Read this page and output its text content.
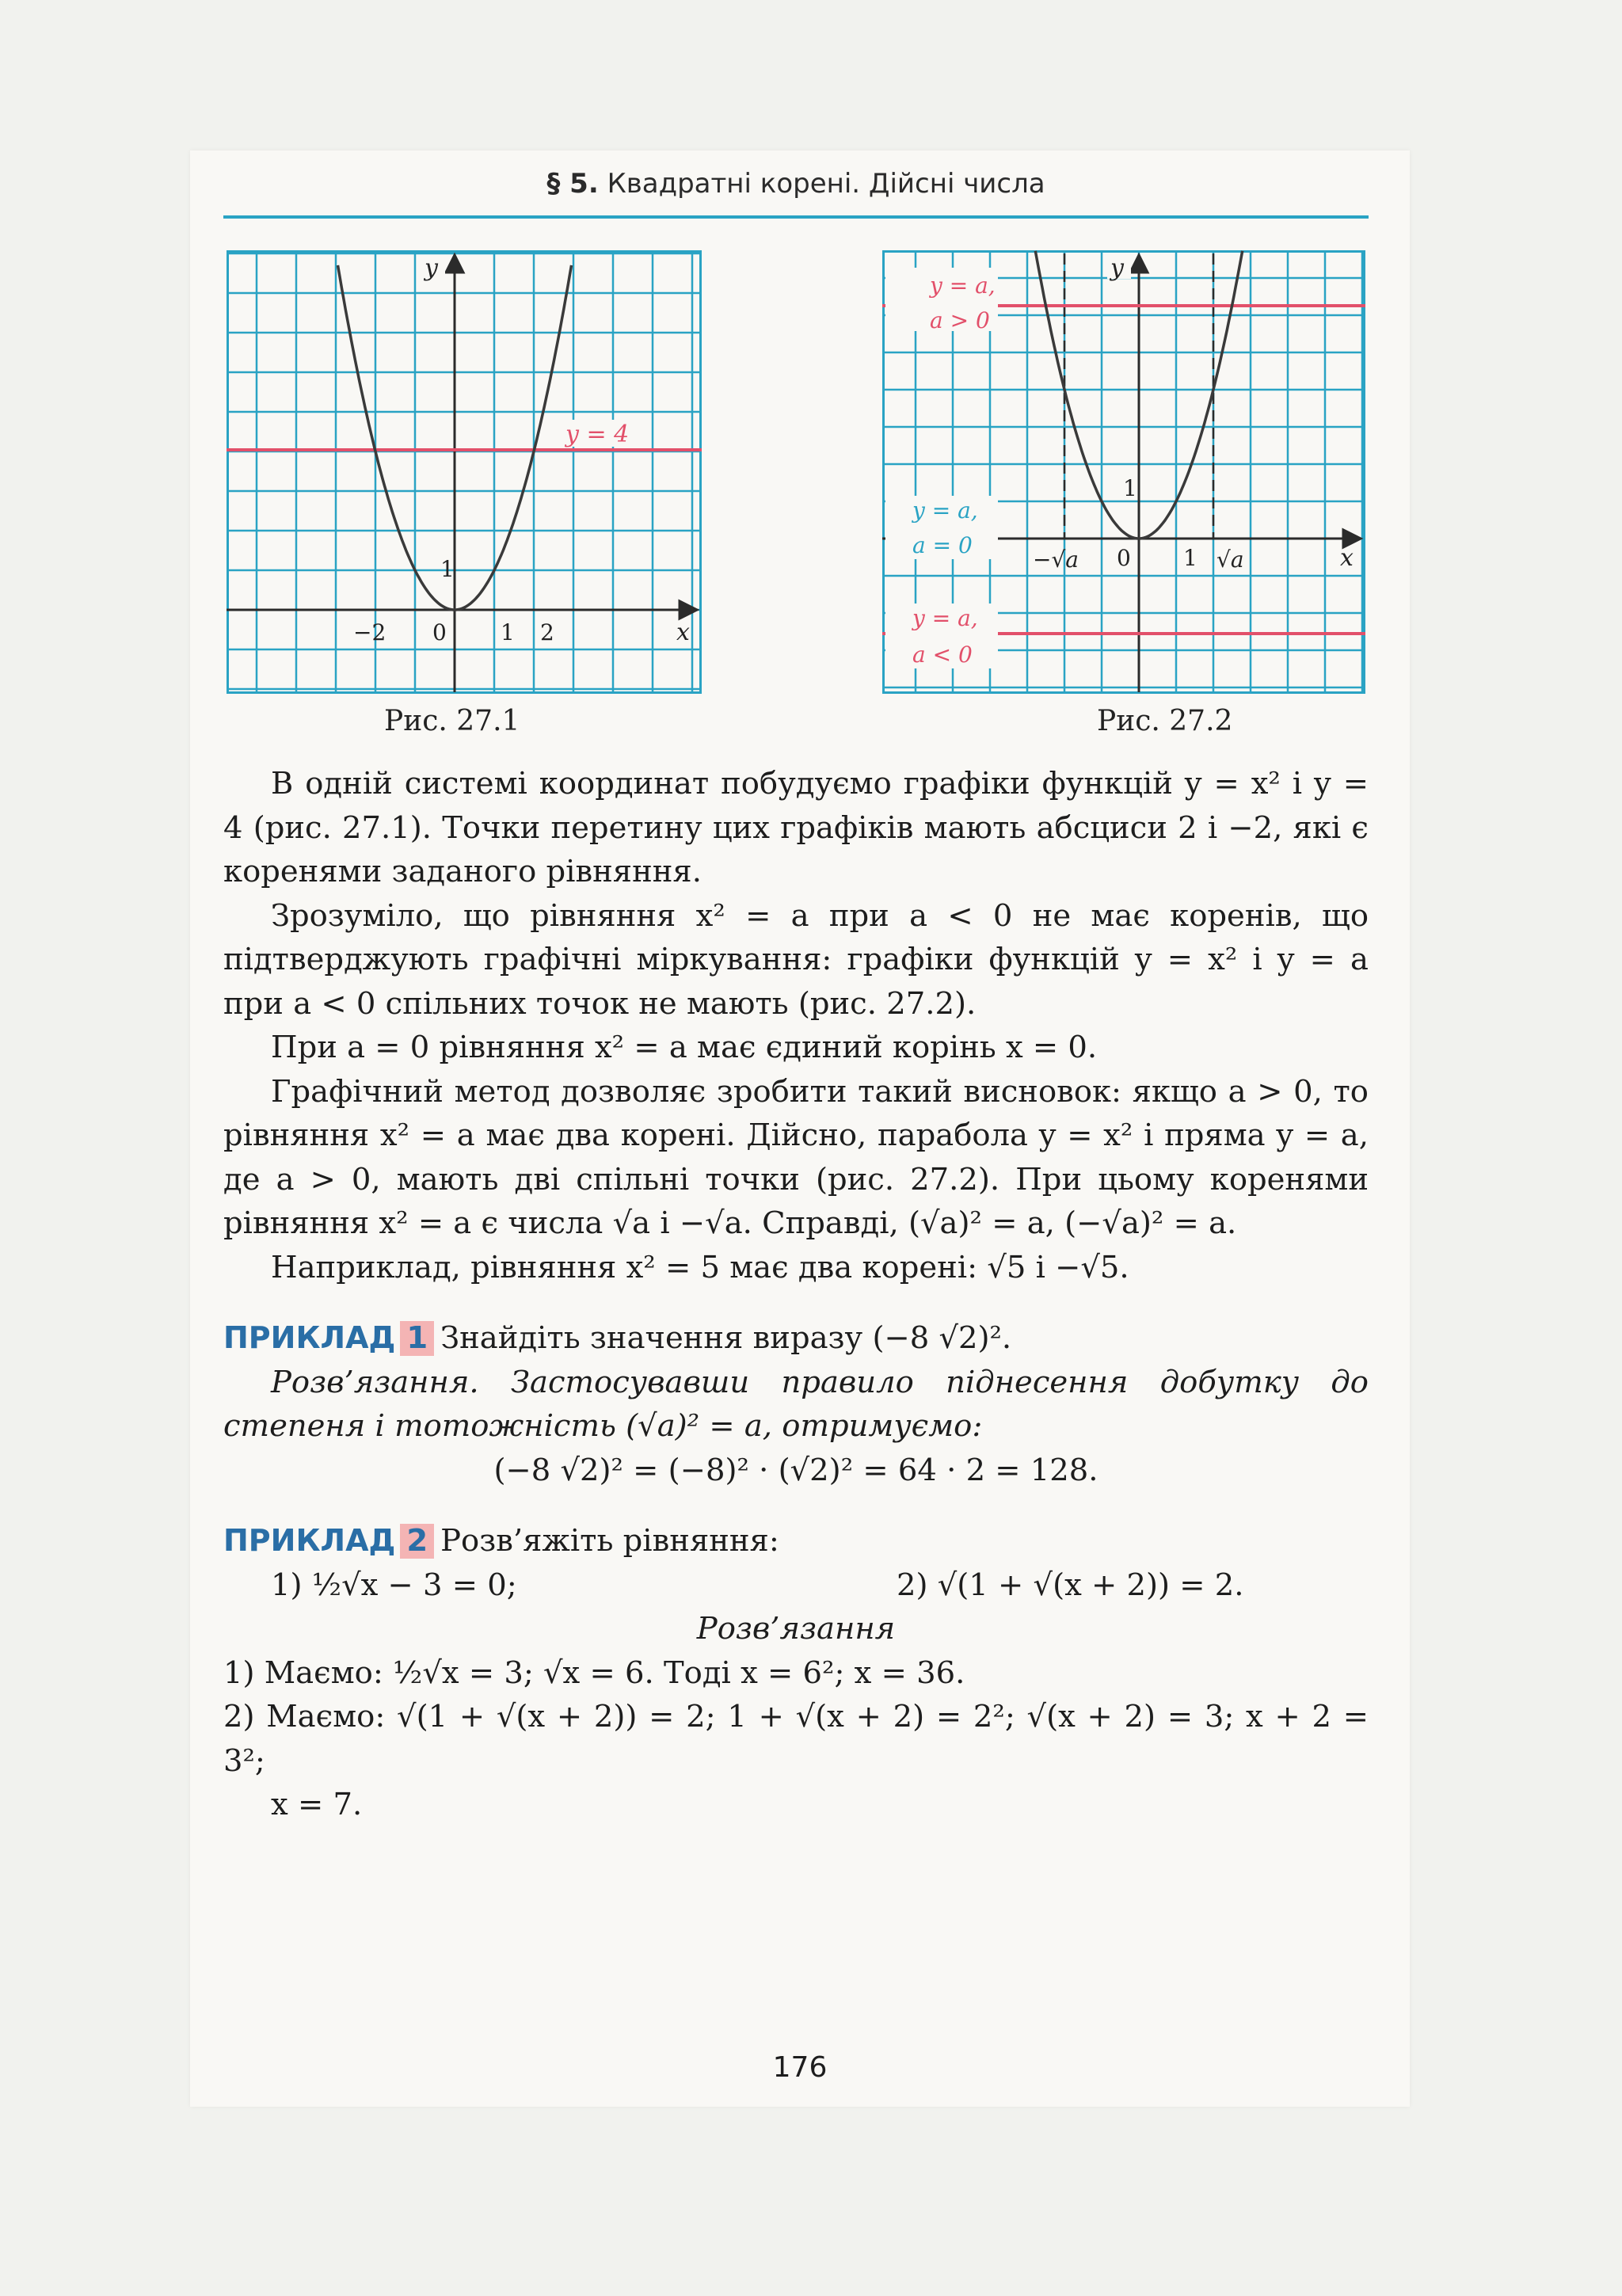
§ 5. Квадратні корені. Дійсні числа
y
y = 4
1
−2 0 1 2	x
y = a,
a > 0
y = a,
a = 0
y = a,
a < 0
y
1
−√a 0 1 √a	x
Рис. 27.1	Рис. 27.2

В одній системі координат побудуємо графіки функцій y = x² і y = 4 (рис. 27.1). Точки перетину цих графіків мають абсциси 2 і −2, які є коренями заданого рівняння.

Зрозуміло, що рівняння x² = a при a < 0 не має коренів, що підтверджують графічні міркування: графіки функцій y = x² і y = a при a < 0 спільних точок не мають (рис. 27.2).

При a = 0 рівняння x² = a має єдиний корінь x = 0.

Графічний метод дозволяє зробити такий висновок: якщо a > 0, то рівняння x² = a має два корені. Дійсно, парабола y = x² і пряма y = a, де a > 0, мають дві спільні точки (рис. 27.2). При цьому коренями рівняння x² = a є числа √a і −√a. Справді, (√a)² = a, (−√a)² = a.

Наприклад, рівняння x² = 5 має два корені: √5 і −√5.

ПРИКЛАД 1 Знайдіть значення виразу (−8 √2)².

Розв’язання. Застосувавши правило піднесення добутку до степеня і тотожність (√a)² = a, отримуємо:

(−8 √2)² = (−8)² · (√2)² = 64 · 2 = 128.

ПРИКЛАД 2 Розв’яжіть рівняння:

1) ½√x − 3 = 0;	2) √(1 + √(x + 2)) = 2.

Розв’язання

1) Маємо: ½√x = 3; √x = 6. Тоді x = 6²; x = 36.

2) Маємо: √(1 + √(x + 2)) = 2; 1 + √(x + 2) = 2²; √(x + 2) = 3; x + 2 = 3²;

x = 7.

176
